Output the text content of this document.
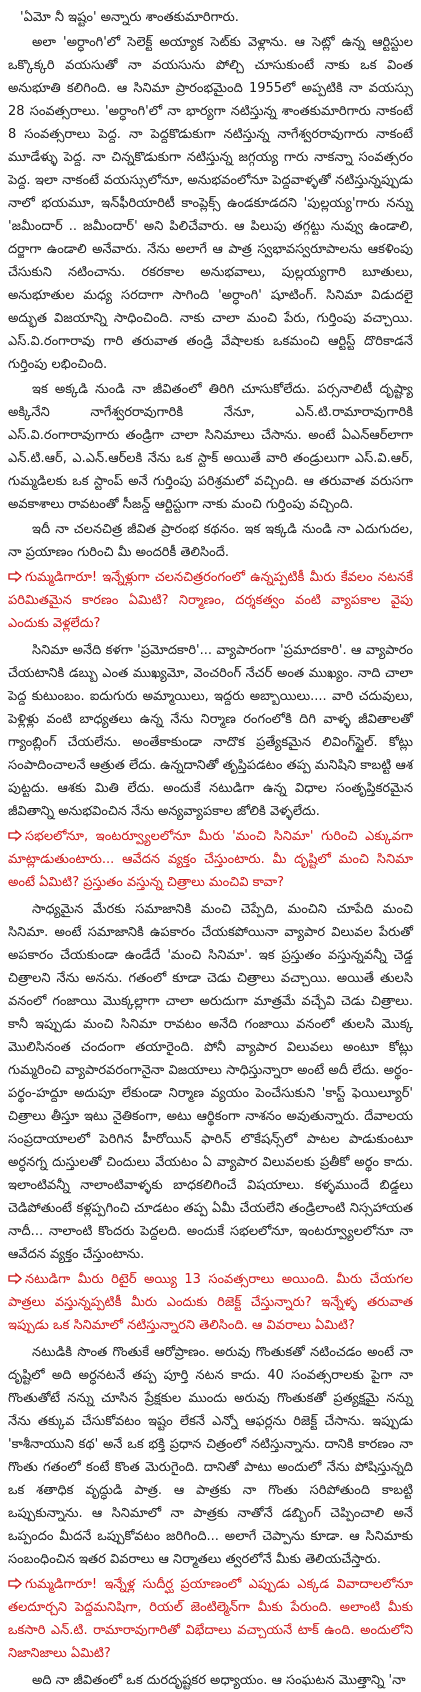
'ఏమో నీ ఇష్టం' అన్నారు శాంతకుమారిగారు.

అలా 'అర్ధాంగి'లో సెలెక్ట్ అయ్యాక సెట్‌కు వెళ్లాను. ఆ సెట్లో ఉన్న ఆర్టిస్టుల ఒక్కొక్కరి వయసుతో నా వయసును పోల్చి చూసుకుంటే నాకు ఒక వింత అనుభూతి కలిగింది. ఆ సినిమా ప్రారంభమైంది 1955లో అప్పటికి నా వయస్సు 28 సంవత్సరాలు. 'అర్ధాంగి'లో నా భార్యగా నటిస్తున్న శాంతకుమారిగారు నాకంటే 8 సంవత్సరాలు పెద్ద. నా పెద్దకొడుకుగా నటిస్తున్న నాగేశ్వరరావుగారు నాకంటే మూడేళ్ళు పెద్ద. నా చిన్నకొడుకుగా నటిస్తున్న జగ్గయ్య గారు నాకన్నా సంవత్సరం పెద్ద. ఇలా నాకంటే వయస్సులోనూ, అనుభవంలోనూ పెద్దవాళ్ళతో నటిస్తున్నప్పుడు నాలో భయమూ, ఇన్‌ఫీరియారిటీ కాంప్లెక్స్ ఉండకూడదని 'పుల్లయ్య'గారు నన్ను 'జమీందార్ .. జమీందార్' అని పిలిచేవారు. ఆ పిలుపు తగ్గట్టు నువ్వు ఉండాలి, దర్జాగా ఉండాలి అనేవారు. నేను అలాగే ఆ పాత్ర స్వభావస్వరూపాలను ఆకళింపు చేసుకుని నటించాను. రకరకాల అనుభవాలు, పుల్లయ్యగారి బూతులు, అనుభూతుల మధ్య సరదాగా సాగింది 'అర్ధాంగి' షూటింగ్. సినిమా విడుదలై అద్భుత విజయాన్ని సాధించింది. నాకు చాలా మంచి పేరు, గుర్తింపు వచ్చాయి. ఎస్.వి.రంగారావు గారి తరువాత తండ్రి వేషాలకు ఒకమంచి ఆర్టిస్ట్ దొరికాడనే గుర్తింపు లభించింది.

ఇక అక్కడి నుండి నా జీవితంలో తిరిగి చూసుకోలేదు. పర్సనాలిటీ దృష్ట్యా అక్కినేని నాగేశ్వరరావుగారికి నేనూ, ఎన్.టి.రామారావుగారికి ఎస్.వి.రంగారావుగారు తండ్రిగా చాలా సినిమాలు చేసాను. అంటే ఏఎన్ఆర్‌లాగా ఎన్.టి.ఆర్, ఎ.ఎన్.ఆర్‌లకి నేను ఒక స్టాక్ అయితే వారి తండ్రులుగా ఎస్.వి.ఆర్, గుమ్మడిలకు ఒక స్టాంప్ అనే గుర్తింపు పరిశ్రమలో వచ్చింది. ఆ తరువాత వరుసగా అవకాశాలు రావటంతో సీజన్డ్ ఆర్టిస్టుగా నాకు మంచి గుర్తింపు వచ్చింది.

ఇదీ నా చలనచిత్ర జీవిత ప్రారంభ కథనం. ఇక ఇక్కడి నుండి నా ఎదుగుదల, నా ప్రయాణం గురించి మీ అందరికీ తెలిసిందే.

గుమ్మడిగారూ! ఇన్నేళ్లుగా చలనచిత్రరంగంలో ఉన్నప్పటికీ మీరు కేవలం నటనకే పరిమితమైన కారణం ఏమిటి? నిర్మాణం, దర్శకత్వం వంటి వ్యాపకాల వైపు ఎందుకు వెళ్లలేదు?

సినిమా అనేది కళగా 'ప్రమోదకారి'... వ్యాపారంగా 'ప్రమాదకారి'. ఆ వ్యాపారం చేయటానికి డబ్బు ఎంత ముఖ్యమో, వెంచరింగ్ నేచర్ అంత ముఖ్యం. నాది చాలా పెద్ద కుటుంబం. ఐదుగురు అమ్మాయిలు, ఇద్దరు అబ్బాయిలు.... వారి చదువులు, పెళ్లిళ్లు వంటి బాధ్యతలు ఉన్న నేను నిర్మాణ రంగంలోకి దిగి వాళ్ళ జీవితాలతో గ్యాంబ్లింగ్ చేయలేను. అంతేకాకుండా నాదొక ప్రత్యేకమైన లివింగ్‌స్టైల్. కోట్లు సంపాదించాలనే ఆత్రుత లేదు. ఉన్నదానితో తృప్తిపడటం తప్ప మనిషిని కాబట్టి ఆశ పుట్టదు. ఆశకు మితి లేదు. అందుకే నటుడిగా ఉన్న విధాల సంతృప్తికరమైన జీవితాన్ని అనుభవించిన నేను అన్యవ్యాపకాల జోలికి వెళ్ళలేదు.

సభలలోనూ, ఇంటర్వ్యూలలోనూ మీరు 'మంచి సినిమా' గురించి ఎక్కువగా మాట్లాడుతుంటారు... ఆవేదన వ్యక్తం చేస్తుంటారు. మీ దృష్టిలో మంచి సినిమా అంటే ఏమిటి? ప్రస్తుతం వస్తున్న చిత్రాలు మంచివి కావా?

సాధ్యమైన మేరకు సమాజానికి మంచి చెప్పేది, మంచిని చూపేది మంచి సినిమా. అంటే సమాజానికి ఉపకారం చేయకపోయినా వ్యాపార విలువల పేరుతో అపకారం చేయకుండా ఉండేదే 'మంచి సినిమా'. ఇక ప్రస్తుతం వస్తున్నవన్నీ చెడ్డ చిత్రాలని నేను అనను. గతంలో కూడా చెడు చిత్రాలు వచ్చాయి. అయితే తులసి వనంలో గంజాయి మొక్కల్లాగా చాలా అరుదుగా మాత్రమే వచ్చేవి చెడు చిత్రాలు. కానీ ఇప్పుడు మంచి సినిమా రావటం అనేది గంజాయి వనంలో తులసి మొక్క మొలిసినంత చందంగా తయారైంది. పోనీ వ్యాపార విలువలు అంటూ కోట్లు గుమ్మరించి వ్యాపారవరంగానైనా విజయాలు సాధిస్తున్నారా అంటే అదీ లేదు. అర్థం-పర్థం-హద్దూ అదుపూ లేకుండా నిర్మాణ వ్యయం పెంచేసుకుని 'కాస్ట్ ఫెయిల్యూర్' చిత్రాలు తీస్తూ ఇటు నైతికంగా, అటు ఆర్థికంగా నాశనం అవుతున్నారు. దేవాలయ సంప్రదాయాలలో పెరిగిన హీరోయిన్ ఫారిన్ లొకేషన్స్‌లో పాటల పాడుకుంటూ అర్ధనగ్న దుస్తులతో చిందులు వేయటం ఏ వ్యాపార విలువలకు ప్రతీకో అర్థం కాదు. ఇలాంటివన్నీ నాలాంటివాళ్ళకు బాధకలిగించే విషయాలు. కళ్ళముందే బిడ్డలు చెడిపోతుంటే కళ్లప్పగించి చూడటం తప్ప ఏమీ చేయలేని తండ్రిలాంటి నిస్సహాయత నాదీ... నాలాంటి కొందరు పెద్దలది. అందుకే సభలలోనూ, ఇంటర్వ్యూలలోనూ నా ఆవేదన వ్యక్తం చేస్తుంటాను.

నటుడిగా మీరు రిటైర్ అయ్యి 13 సంవత్సరాలు అయింది. మీరు చేయగల పాత్రలు వస్తున్నప్పటికీ మీరు ఎందుకు రిజెక్ట్ చేస్తున్నారు? ఇన్నేళ్ళ తరువాత ఇప్పుడు ఒక సినిమాలో నటిస్తున్నారని తెలిసింది. ఆ వివరాలు ఏమిటి?

నటుడికి సొంత గొంతుకే ఆరోప్రాణం. అరువు గొంతుకతో నటించడం అంటే నా దృష్టిలో అది అర్ధనటనే తప్ప పూర్తి నటన కాదు. 40 సంవత్సరాలకు పైగా నా గొంతుతోటే నన్ను చూసిన ప్రేక్షకుల ముందు అరువు గొంతుకతో ప్రత్యక్షమై నన్ను నేను తక్కువ చేసుకోవటం ఇష్టం లేకనే ఎన్నో ఆఫర్లను రిజెక్ట్ చేసాను. ఇప్పుడు 'కాశీనాయుని కథ' అనే ఒక భక్తి ప్రధాన చిత్రంలో నటిస్తున్నాను. దానికి కారణం నా గొంతు గతంలో కంటే కొంత మెరుగైంది. దానితో పాటు అందులో నేను పోషిస్తున్నది ఒక శతాధిక వృద్ధుడి పాత్ర. ఆ పాత్రకు నా గొంతు సరిపోతుంది కాబట్టి ఒప్పుకున్నాను. ఆ సినిమాలో నా పాత్రకు నాతోనే డబ్బింగ్ చెప్పించాలి అనే ఒప్పందం మీదనే ఒప్పుకోవటం జరిగింది... అలాగే చెప్పాను కూడా. ఆ సినిమాకు సంబంధించిన ఇతర వివరాలు ఆ నిర్మాతలు త్వరలోనే మీకు తెలియచేస్తారు.

గుమ్మడిగారూ! ఇన్నేళ్ల సుదీర్ఘ ప్రయాణంలో ఎప్పుడు ఎక్కడ వివాదాలలోనూ తలదూర్చని పెద్దమనిషిగా, రియల్ జెంటిల్మెన్‌గా మీకు పేరుంది. అలాంటి మీకు ఒకసారి ఎన్.టి. రామారావుగారితో విభేదాలు వచ్చాయనే టాక్ ఉంది. అందులోని నిజానిజాలు ఏమిటి?

అది నా జీవితంలో ఒక దురదృష్టకర అధ్యాయం. ఆ సంఘటన మొత్తాన్ని 'నా
